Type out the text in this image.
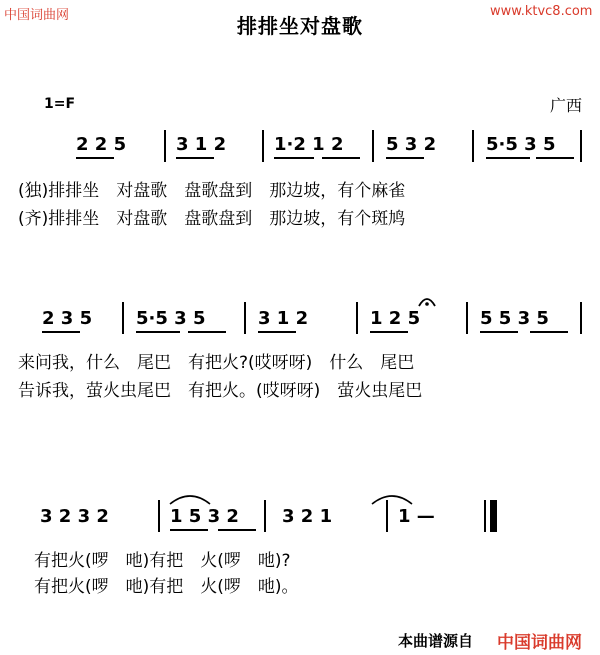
中国词曲网	www.ktvc8.com
排排坐对盘歌
1=F	广西
2 2 5	3 1 2	1·2 1 2 5 3 2	5·5 3 5
(独)排排坐　对盘歌　盘歌盘到　那边坡，有个麻雀
(齐)排排坐　对盘歌　盘歌盘到　那边坡，有个斑鸠
2 3 5 5·5 3 5	3 1 2	1 2 5	5 5 3 5
来问我，什么　尾巴　有把火?(哎呀呀)　什么　尾巴
告诉我，萤火虫尾巴　有把火。(哎呀呀)　萤火虫尾巴
3 2 3 2	1 5 3 2 3 2 1	1 —
有把火(啰　吔)有把　火(啰　吔)?
有把火(啰　吔)有把　火(啰　吔)。
本曲谱源自 中国词曲网
